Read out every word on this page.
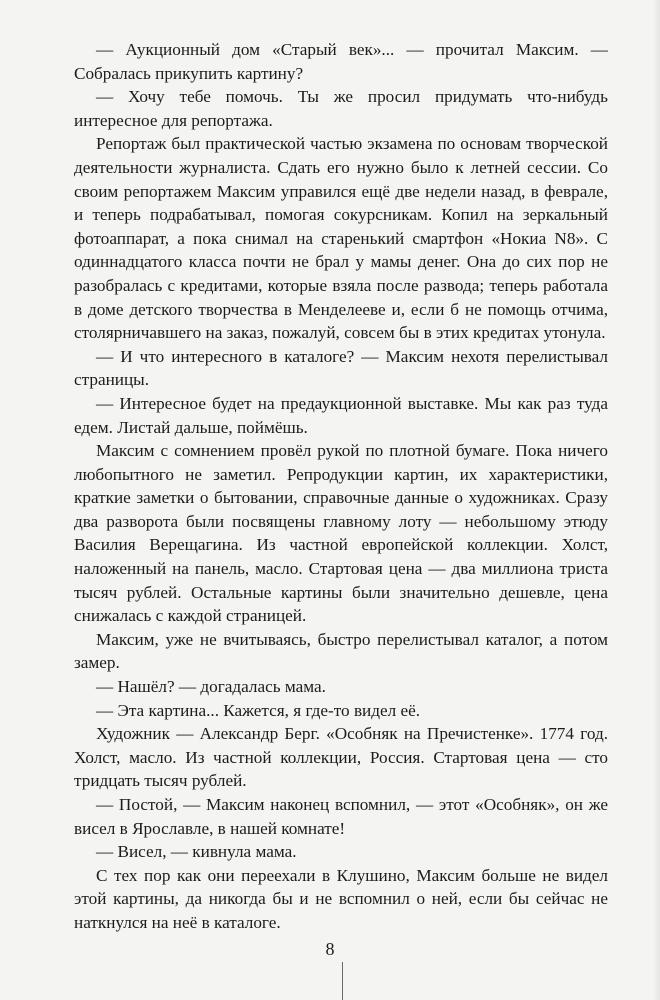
— Аукционный дом «Старый век»... — прочитал Максим. — Собралась прикупить картину?

— Хочу тебе помочь. Ты же просил придумать что-нибудь интересное для репортажа.

Репортаж был практической частью экзамена по основам творческой деятельности журналиста. Сдать его нужно было к летней сессии. Со своим репортажем Максим управился ещё две недели назад, в феврале, и теперь подрабатывал, помогая сокурсникам. Копил на зеркальный фотоаппарат, а пока снимал на старенький смартфон «Нокиа N8». С одиннадцатого класса почти не брал у мамы денег. Она до сих пор не разобралась с кредитами, которые взяла после развода; теперь работала в доме детского творчества в Менделееве и, если б не помощь отчима, столярничавшего на заказ, пожалуй, совсем бы в этих кредитах утонула.

— И что интересного в каталоге? — Максим нехотя перелистывал страницы.

— Интересное будет на предаукционной выставке. Мы как раз туда едем. Листай дальше, поймёшь.

Максим с сомнением провёл рукой по плотной бумаге. Пока ничего любопытного не заметил. Репродукции картин, их характеристики, краткие заметки о бытовании, справочные данные о художниках. Сразу два разворота были посвящены главному лоту — небольшому этюду Василия Верещагина. Из частной европейской коллекции. Холст, наложенный на панель, масло. Стартовая цена — два миллиона триста тысяч рублей. Остальные картины были значительно дешевле, цена снижалась с каждой страницей.

Максим, уже не вчитываясь, быстро перелистывал каталог, а потом замер.

— Нашёл? — догадалась мама.

— Эта картина... Кажется, я где-то видел её.

Художник — Александр Берг. «Особняк на Пречистенке». 1774 год. Холст, масло. Из частной коллекции, Россия. Стартовая цена — сто тридцать тысяч рублей.

— Постой, — Максим наконец вспомнил, — этот «Особняк», он же висел в Ярославле, в нашей комнате!

— Висел, — кивнула мама.

С тех пор как они переехали в Клушино, Максим больше не видел этой картины, да никогда бы и не вспомнил о ней, если бы сейчас не наткнулся на неё в каталоге.

8
